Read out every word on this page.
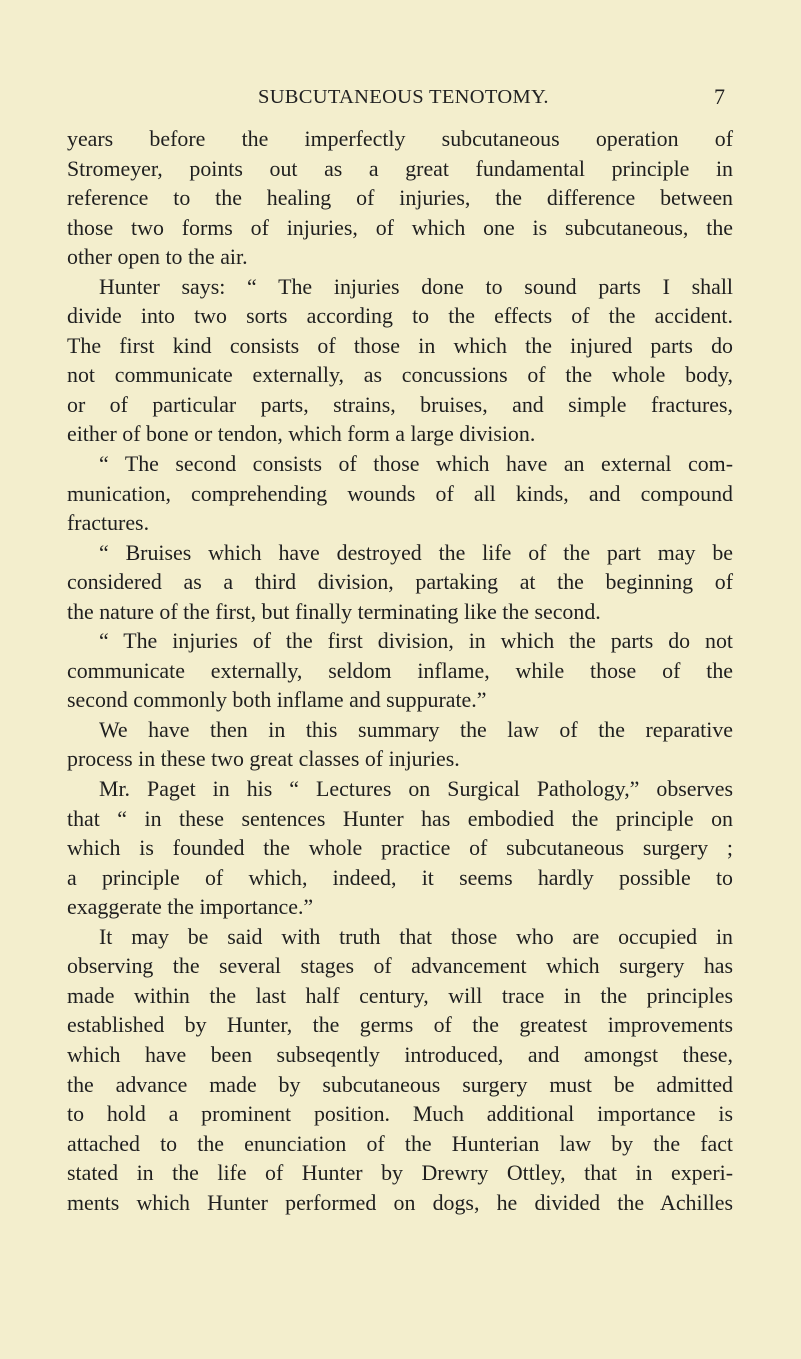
SUBCUTANEOUS TENOTOMY.	7
years before the imperfectly subcutaneous operation of
Stromeyer, points out as a great fundamental principle in
reference to the healing of injuries, the difference between
those two forms of injuries, of which one is subcutaneous, the
other open to the air.
Hunter says: “ The injuries done to sound parts I shall
divide into two sorts according to the effects of the accident.
The first kind consists of those in which the injured parts do
not communicate externally, as concussions of the whole body,
or of particular parts, strains, bruises, and simple fractures,
either of bone or tendon, which form a large division.
“ The second consists of those which have an external com-
munication, comprehending wounds of all kinds, and compound
fractures.
“ Bruises which have destroyed the life of the part may be
considered as a third division, partaking at the beginning of
the nature of the first, but finally terminating like the second.
“ The injuries of the first division, in which the parts do not
communicate externally, seldom inflame, while those of the
second commonly both inflame and suppurate.”
We have then in this summary the law of the reparative
process in these two great classes of injuries.
Mr. Paget in his “ Lectures on Surgical Pathology,” observes
that “ in these sentences Hunter has embodied the principle on
which is founded the whole practice of subcutaneous surgery ;
a principle of which, indeed, it seems hardly possible to
exaggerate the importance.”
It may be said with truth that those who are occupied in
observing the several stages of advancement which surgery has
made within the last half century, will trace in the principles
established by Hunter, the germs of the greatest improvements
which have been subseqently introduced, and amongst these,
the advance made by subcutaneous surgery must be admitted
to hold a prominent position. Much additional importance is
attached to the enunciation of the Hunterian law by the fact
stated in the life of Hunter by Drewry Ottley, that in experi-
ments which Hunter performed on dogs, he divided the Achilles
